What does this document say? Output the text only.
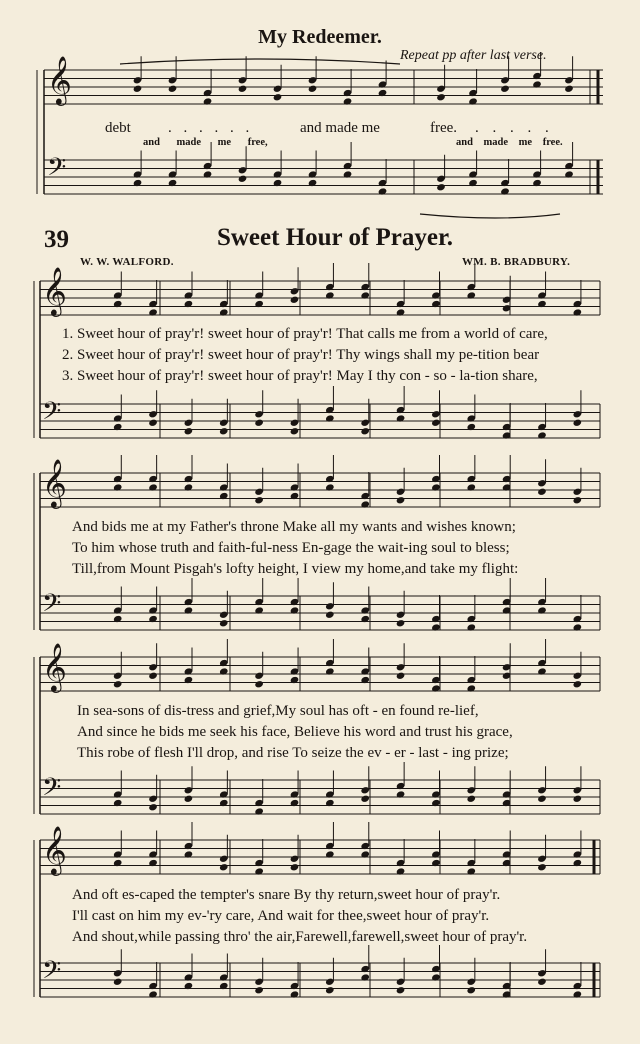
My Redeemer.
Repeat pp after last verse.
debt . . . . . .	and made me	free. . . . . .
and made me free,	and made me free.
39	Sweet Hour of Prayer.
W. W. WALFORD.	WM. B. BRADBURY.
1. Sweet hour of pray'r! sweet hour of pray'r! That calls me from a world of care,
2. Sweet hour of pray'r! sweet hour of pray'r! Thy wings shall my pe-tition bear
3. Sweet hour of pray'r! sweet hour of pray'r! May I thy con - so - la-tion share,
And bids me at my Father's throne Make all my wants and wishes known;
To him whose truth and faith-ful-ness En-gage the wait-ing soul to bless;
Till,from Mount Pisgah's lofty height, I view my home,and take my flight:
In sea-sons of dis-tress and grief,My soul has oft - en found re-lief,
And since he bids me seek his face, Believe his word and trust his grace,
This robe of flesh I'll drop, and rise To seize the ev - er - last - ing prize;
And oft es-caped the tempter's snare By thy return,sweet hour of pray'r.
I'll cast on him my ev-'ry care, And wait for thee,sweet hour of pray'r.
And shout,while passing thro' the air,Farewell,farewell,sweet hour of pray'r.
𝄞
𝄢
𝄞
𝄢
𝄞
𝄢
𝄞
𝄢
𝄞
𝄢
